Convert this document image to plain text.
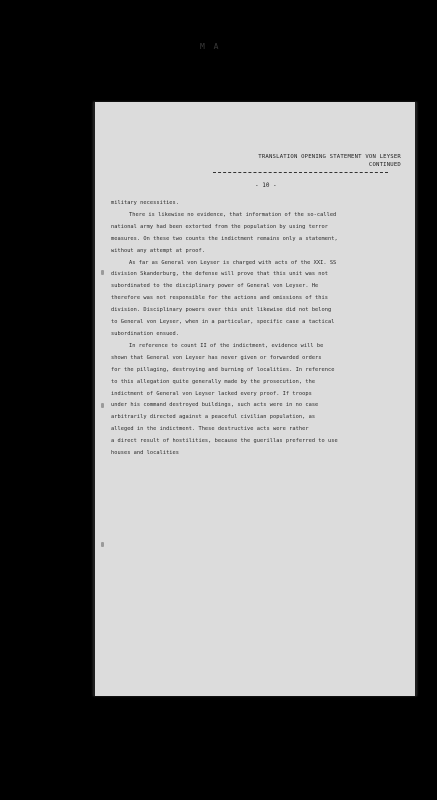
M A
TRANSLATION OPENING STATEMENT VON LEYSER
CONTINUED
- 10 -
military necessities.
There is likewise no evidence, that information of the so-called
national army had been extorted from the population by using terror
measures. On these two counts the indictment remains only a statement,
without any attempt at proof.
As far as General von Leyser is charged with acts of the XXI. SS
division Skanderburg, the defense will prove that this unit was not
subordinated to the disciplinary power of General von Leyser. He
therefore was not responsible for the actions and omissions of this
division. Disciplinary powers over this unit likewise did not belong
to General von Leyser, when in a particular, specific case a tactical
subordination ensued.
In reference to count II of the indictment, evidence will be
shown that General von Leyser has never given or forwarded orders
for the pillaging, destroying and burning of localities. In reference
to this allegation quite generally made by the prosecution, the
indictment of General von Leyser lacked every proof. If troops
under his command destroyed buildings, such acts were in no case
arbitrarily directed against a peaceful civilian population, as
alleged in the indictment. These destructive acts were rather
a direct result of hostilities, because the guerillas preferred to use
houses and localities
